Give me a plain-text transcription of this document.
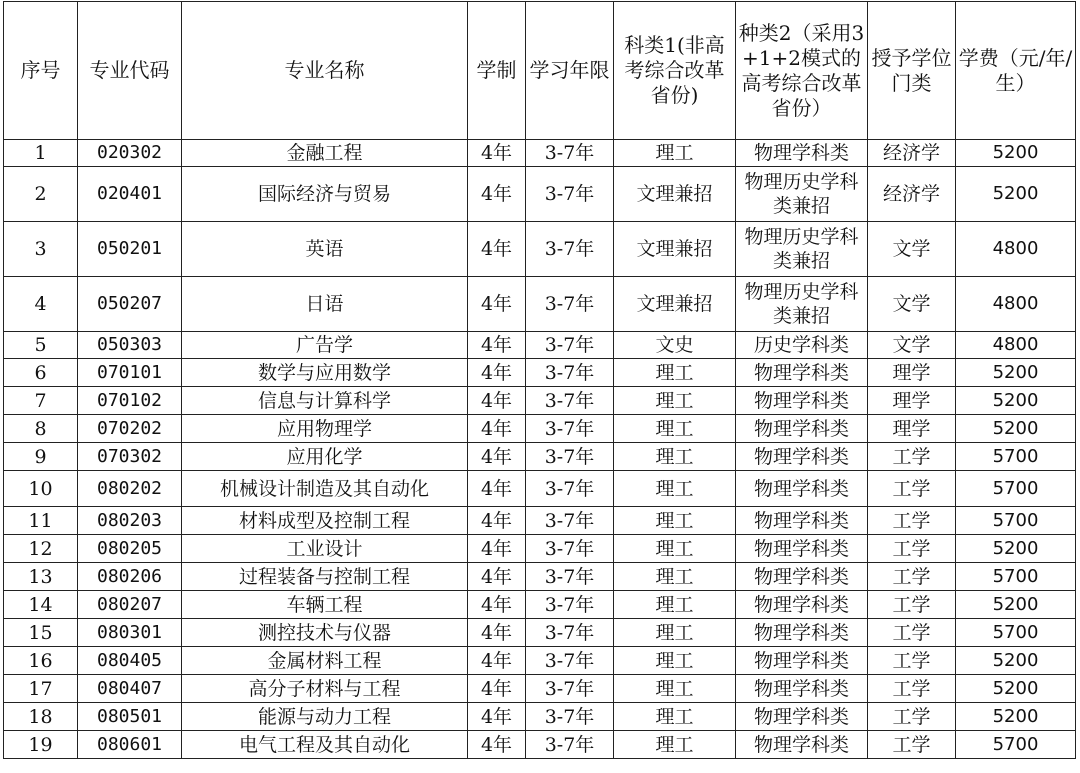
序号	专业代码	专业名称	学制	学习年限	科类1(非高考综合改革省份)	种类2（采用3+1+2模式的高考综合改革省份）	授予学位门类	学费（元/年/生）
1	020302	金融工程	4年	3-7年	理工	物理学科类	经济学	5200
2	020401	国际经济与贸易	4年	3-7年	文理兼招	物理历史学科类兼招	经济学	5200
3	050201	英语	4年	3-7年	文理兼招	物理历史学科类兼招	文学	4800
4	050207	日语	4年	3-7年	文理兼招	物理历史学科类兼招	文学	4800
5	050303	广告学	4年	3-7年	文史	历史学科类	文学	4800
6	070101	数学与应用数学	4年	3-7年	理工	物理学科类	理学	5200
7	070102	信息与计算科学	4年	3-7年	理工	物理学科类	理学	5200
8	070202	应用物理学	4年	3-7年	理工	物理学科类	理学	5200
9	070302	应用化学	4年	3-7年	理工	物理学科类	工学	5700
10	080202	机械设计制造及其自动化	4年	3-7年	理工	物理学科类	工学	5700
11	080203	材料成型及控制工程	4年	3-7年	理工	物理学科类	工学	5700
12	080205	工业设计	4年	3-7年	理工	物理学科类	工学	5200
13	080206	过程装备与控制工程	4年	3-7年	理工	物理学科类	工学	5700
14	080207	车辆工程	4年	3-7年	理工	物理学科类	工学	5200
15	080301	测控技术与仪器	4年	3-7年	理工	物理学科类	工学	5700
16	080405	金属材料工程	4年	3-7年	理工	物理学科类	工学	5200
17	080407	高分子材料与工程	4年	3-7年	理工	物理学科类	工学	5200
18	080501	能源与动力工程	4年	3-7年	理工	物理学科类	工学	5200
19	080601	电气工程及其自动化	4年	3-7年	理工	物理学科类	工学	5700
